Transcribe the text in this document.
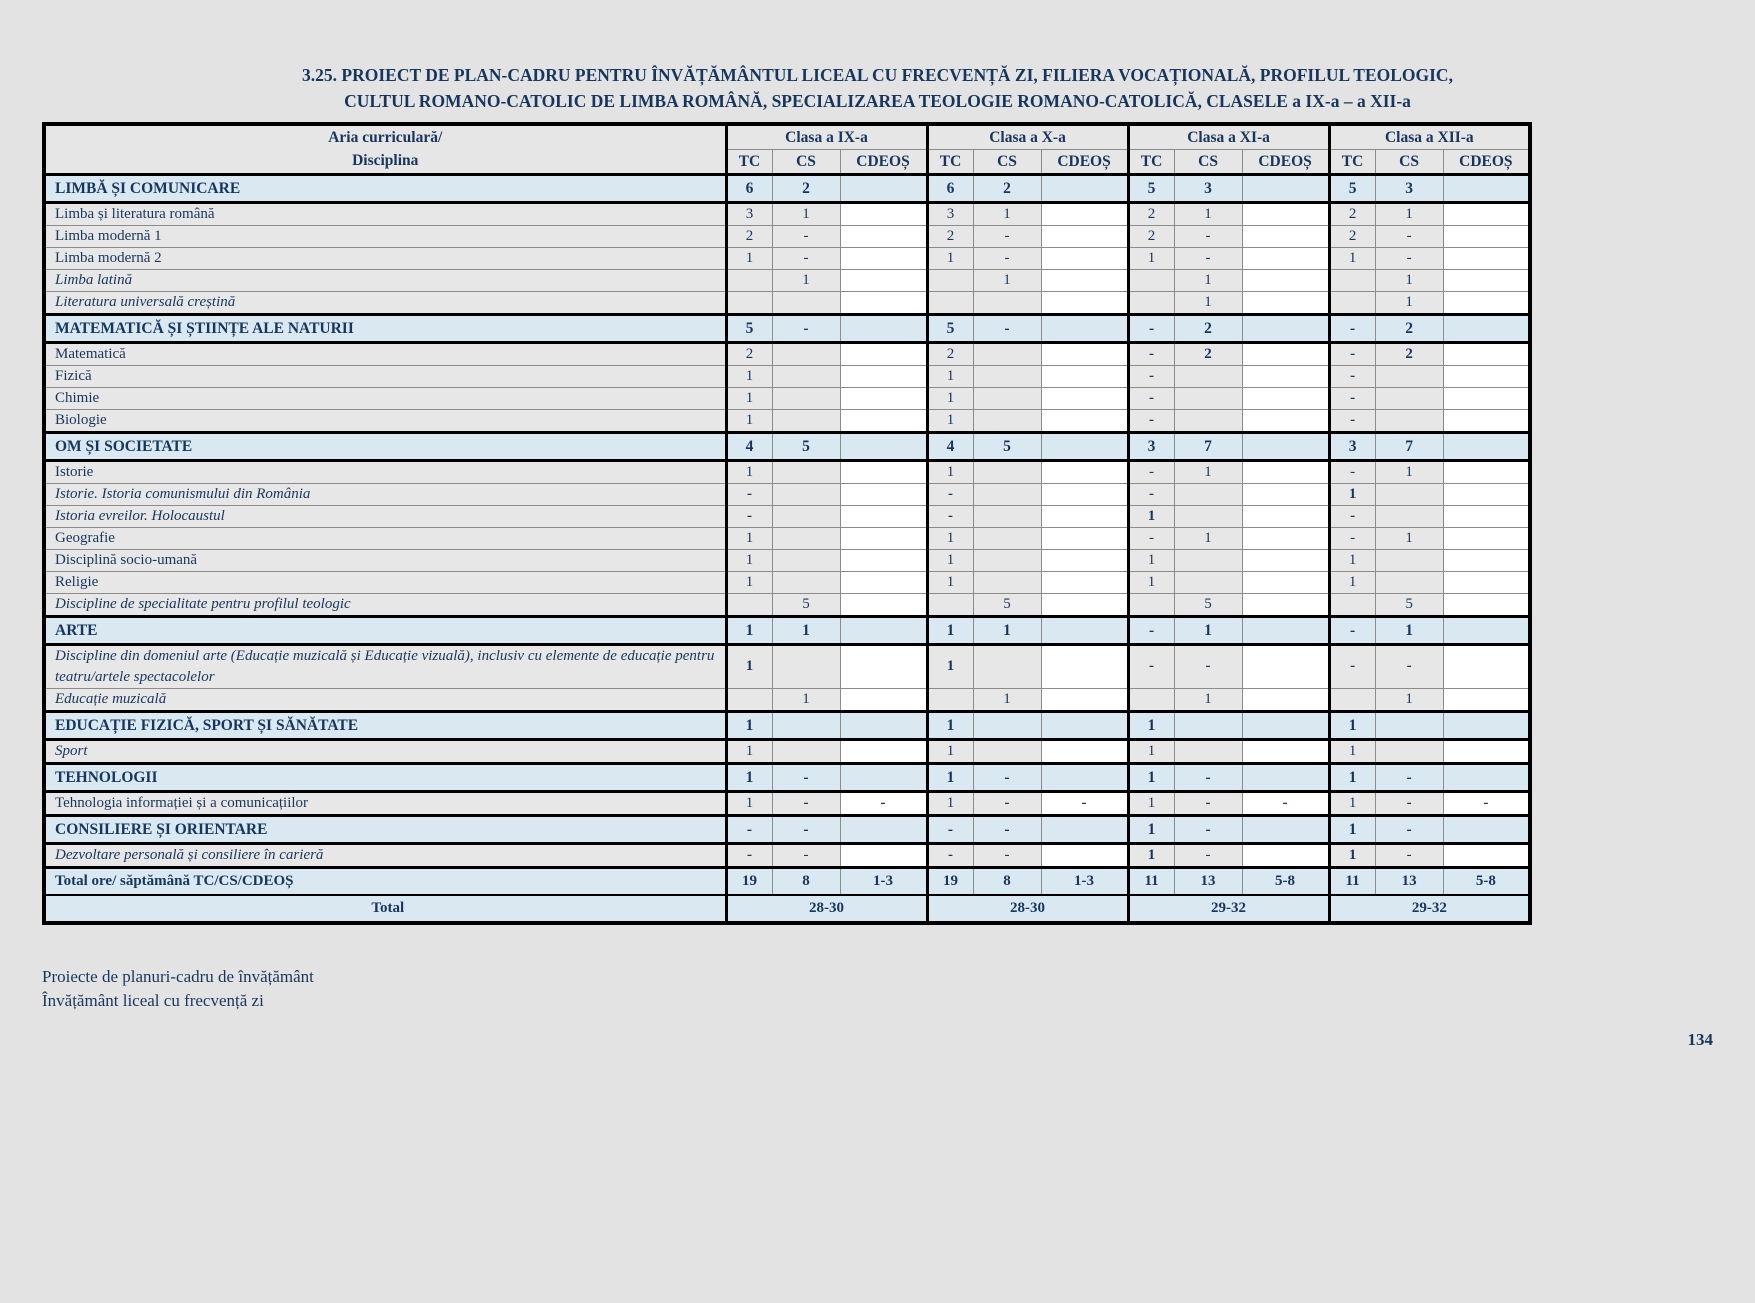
3.25. PROIECT DE PLAN-CADRU PENTRU ÎNVĂȚĂMÂNTUL LICEAL CU FRECVENȚĂ ZI, FILIERA VOCAȚIONALĂ, PROFILUL TEOLOGIC,
CULTUL ROMANO-CATOLIC DE LIMBA ROMÂNĂ, SPECIALIZAREA TEOLOGIE ROMANO-CATOLICĂ, CLASELE a IX-a – a XII-a
Aria curriculară/
Disciplina	Clasa a IX-a			Clasa a X-a			Clasa a XI-a			Clasa a XII-a		
	TC	CS	CDEOȘ	TC	CS	CDEOȘ	TC	CS	CDEOȘ	TC	CS	CDEOȘ
LIMBĂ ȘI COMUNICARE	6	2		6	2		5	3		5	3	
Limba și literatura română	3	1		3	1		2	1		2	1	
Limba modernă 1	2	-		2	-		2	-		2	-	
Limba modernă 2	1	-		1	-		1	-		1	-	
Limba latină		1			1			1			1	
Literatura universală creștină								1			1	
MATEMATICĂ ȘI ȘTIINȚE ALE NATURII	5	-		5	-		-	2		-	2	
Matematică	2			2			-	2		-	2	
Fizică	1			1			-			-		
Chimie	1			1			-			-		
Biologie	1			1			-			-		
OM ȘI SOCIETATE	4	5		4	5		3	7		3	7	
Istorie	1			1			-	1		-	1	
Istorie. Istoria comunismului din România	-			-			-			1		
Istoria evreilor. Holocaustul	-			-			1			-		
Geografie	1			1			-	1		-	1	
Disciplină socio-umană	1			1			1			1		
Religie	1			1			1			1		
Discipline de specialitate pentru profilul teologic		5			5			5			5	
ARTE	1	1		1	1		-	1		-	1	
Discipline din domeniul arte (Educație muzicală și Educație vizuală), inclusiv cu elemente de educație pentru teatru/artele spectacolelor	1			1			-	-		-	-	
Educație muzicală		1			1			1			1	
EDUCAȚIE FIZICĂ, SPORT ȘI SĂNĂTATE	1			1			1			1		
Sport	1			1			1			1		
TEHNOLOGII	1	-		1	-		1	-		1	-	
Tehnologia informației și a comunicațiilor	1	-	-	1	-	-	1	-	-	1	-	-
CONSILIERE ȘI ORIENTARE	-	-		-	-		1	-		1	-	
Dezvoltare personală și consiliere în carieră	-	-		-	-		1	-		1	-	
Total ore/ săptămână TC/CS/CDEOȘ	19	8	1-3	19	8	1-3	11	13	5-8	11	13	5-8
Total	28-30			28-30			29-32			29-32		
Proiecte de planuri-cadru de învățământ
Învățământ liceal cu frecvență zi
134
